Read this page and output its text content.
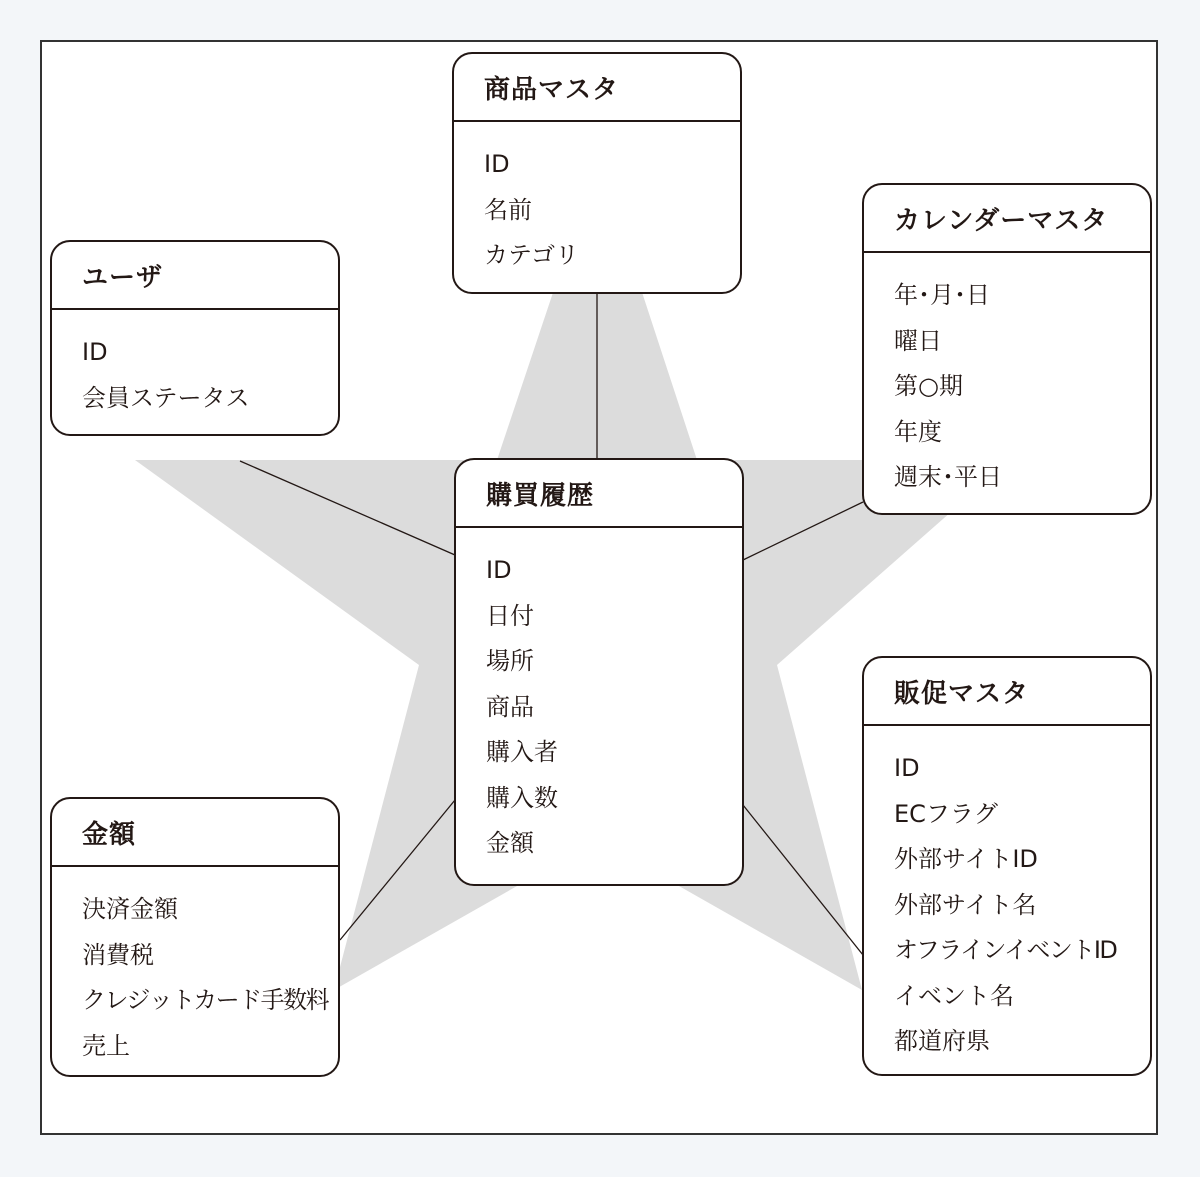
購買履歴
ID
日付
場所
商品
購入者
購入数
金額
商品マスタ
ID
名前
カテゴリ
ユーザ
ID
会員ステータス
カレンダーマスタ
年･月･日
曜日
第○期
年度
週末･平日
金額
決済金額
消費税
クレジットカード手数料
売上
販促マスタ
ID
ECフラグ
外部サイトID
外部サイト名
オフラインイベントID
イベント名
都道府県
